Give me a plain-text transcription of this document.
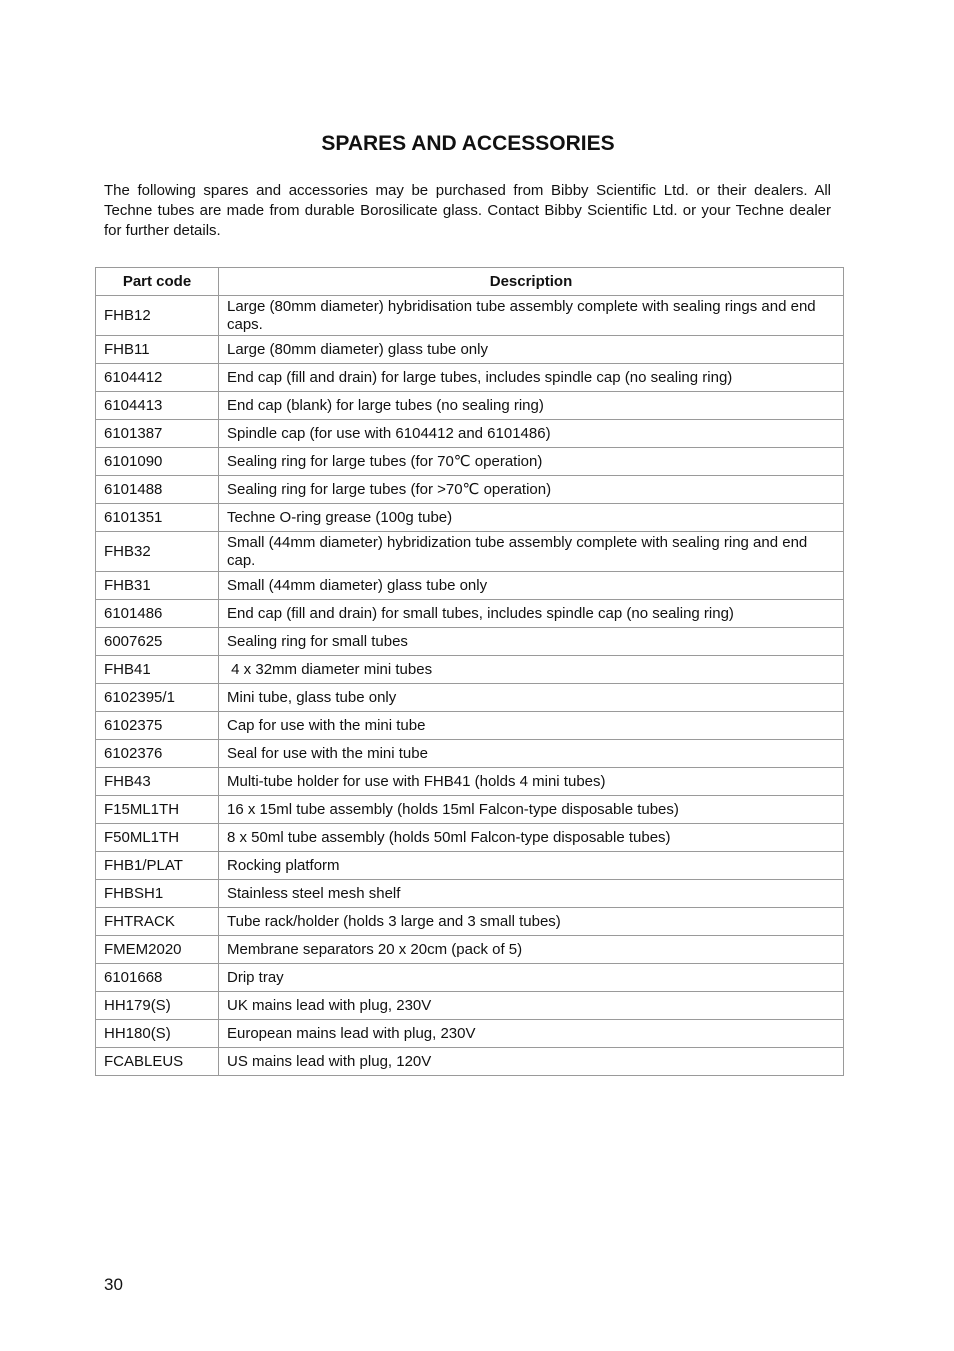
SPARES AND ACCESSORIES

The following spares and accessories may be purchased from Bibby Scientific Ltd. or their dealers. All Techne tubes are made from durable Borosilicate glass. Contact Bibby Scientific Ltd. or your Techne dealer for further details.

Part code	Description
FHB12	Large (80mm diameter) hybridisation tube assembly complete with sealing rings and end caps.
FHB11	Large (80mm diameter) glass tube only
6104412	End cap (fill and drain) for large tubes, includes spindle cap (no sealing ring)
6104413	End cap (blank) for large tubes (no sealing ring)
6101387	Spindle cap (for use with 6104412 and 6101486)
6101090	Sealing ring for large tubes (for 70℃ operation)
6101488	Sealing ring for large tubes (for >70℃ operation)
6101351	Techne O-ring grease (100g tube)
FHB32	Small (44mm diameter) hybridization tube assembly complete with sealing ring and end cap.
FHB31	Small (44mm diameter) glass tube only
6101486	End cap (fill and drain) for small tubes, includes spindle cap (no sealing ring)
6007625	Sealing ring for small tubes
FHB41	4 x 32mm diameter mini tubes
6102395/1	Mini tube, glass tube only
6102375	Cap for use with the mini tube
6102376	Seal for use with the mini tube
FHB43	Multi-tube holder for use with FHB41 (holds 4 mini tubes)
F15ML1TH	16 x 15ml tube assembly (holds 15ml Falcon-type disposable tubes)
F50ML1TH	8 x 50ml tube assembly (holds 50ml Falcon-type disposable tubes)
FHB1/PLAT	Rocking platform
FHBSH1	Stainless steel mesh shelf
FHTRACK	Tube rack/holder (holds 3 large and 3 small tubes)
FMEM2020	Membrane separators 20 x 20cm (pack of 5)
6101668	Drip tray
HH179(S)	UK mains lead with plug, 230V
HH180(S)	European mains lead with plug, 230V
FCABLEUS	US mains lead with plug, 120V

30
